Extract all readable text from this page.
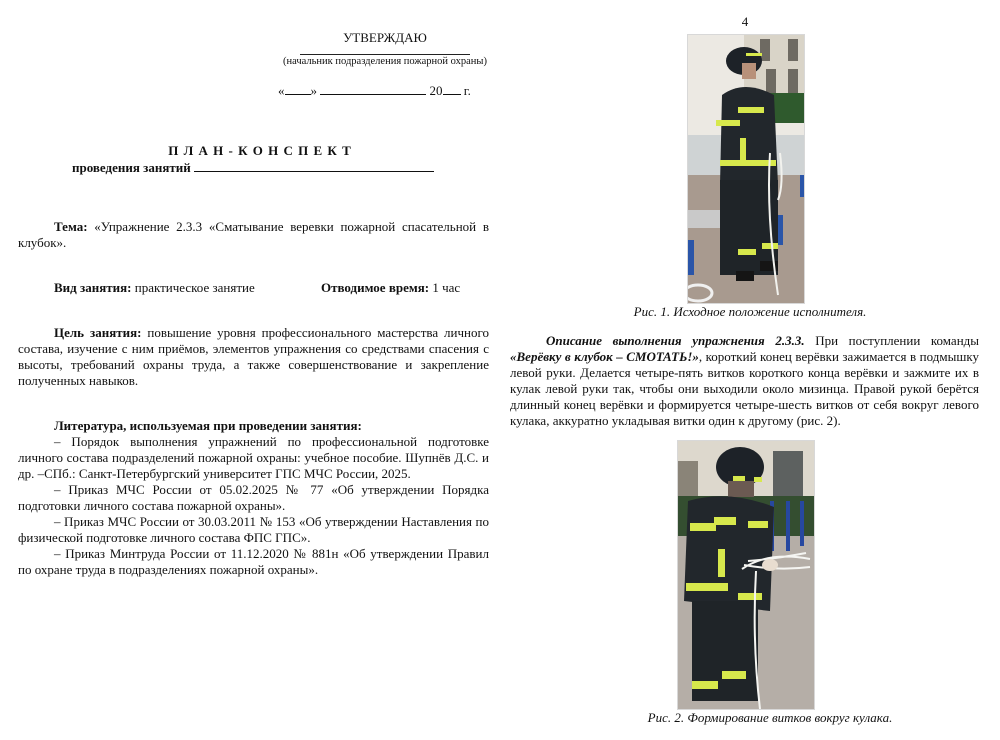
УТВЕРЖДАЮ
(начальник подразделения пожарной охраны)
« »	20 г.
П Л А Н - К О Н С П Е К Т
проведения занятий
Тема: «Упражнение 2.3.3 «Сматывание веревки пожарной спасательной в клубок».
Вид занятия: практическое занятие	Отводимое время: 1 час
Цель занятия: повышение уровня профессионального мастерства личного состава, изучение с ним приёмов, элементов упражнения со средствами спасения с высоты, требований охраны труда, а также совершенствование и закрепление полученных навыков.
Литература, используемая при проведении занятия:
– Порядок выполнения упражнений по профессиональной подготовке личного состава подразделений пожарной охраны: учебное пособие. Шупнёв Д.С. и др. –СПб.: Санкт-Петербургский университет ГПС МЧС России, 2025.
– Приказ МЧС России от 05.02.2025 № 77 «Об утверждении Порядка подготовки личного состава пожарной охраны».
– Приказ МЧС России от 30.03.2011 № 153 «Об утверждении Наставления по физической подготовке личного состава ФПС ГПС».
– Приказ Минтруда России от 11.12.2020 № 881н «Об утверждении Правил по охране труда в подразделениях пожарной охраны».
4
Рис. 1. Исходное положение исполнителя.
Описание выполнения упражнения 2.3.3. При поступлении команды «Верёвку в клубок – СМОТАТЬ!», короткий конец верёвки зажимается в подмышку левой руки. Делается четыре-пять витков короткого конца верёвки и зажмите их в кулак левой руки так, чтобы они выходили около мизинца. Правой рукой берётся длинный конец верёвки и формируется четыре-шесть витков от себя вокруг левого кулака, аккуратно укладывая витки один к другому (рис. 2).
Рис. 2. Формирование витков вокруг кулака.
